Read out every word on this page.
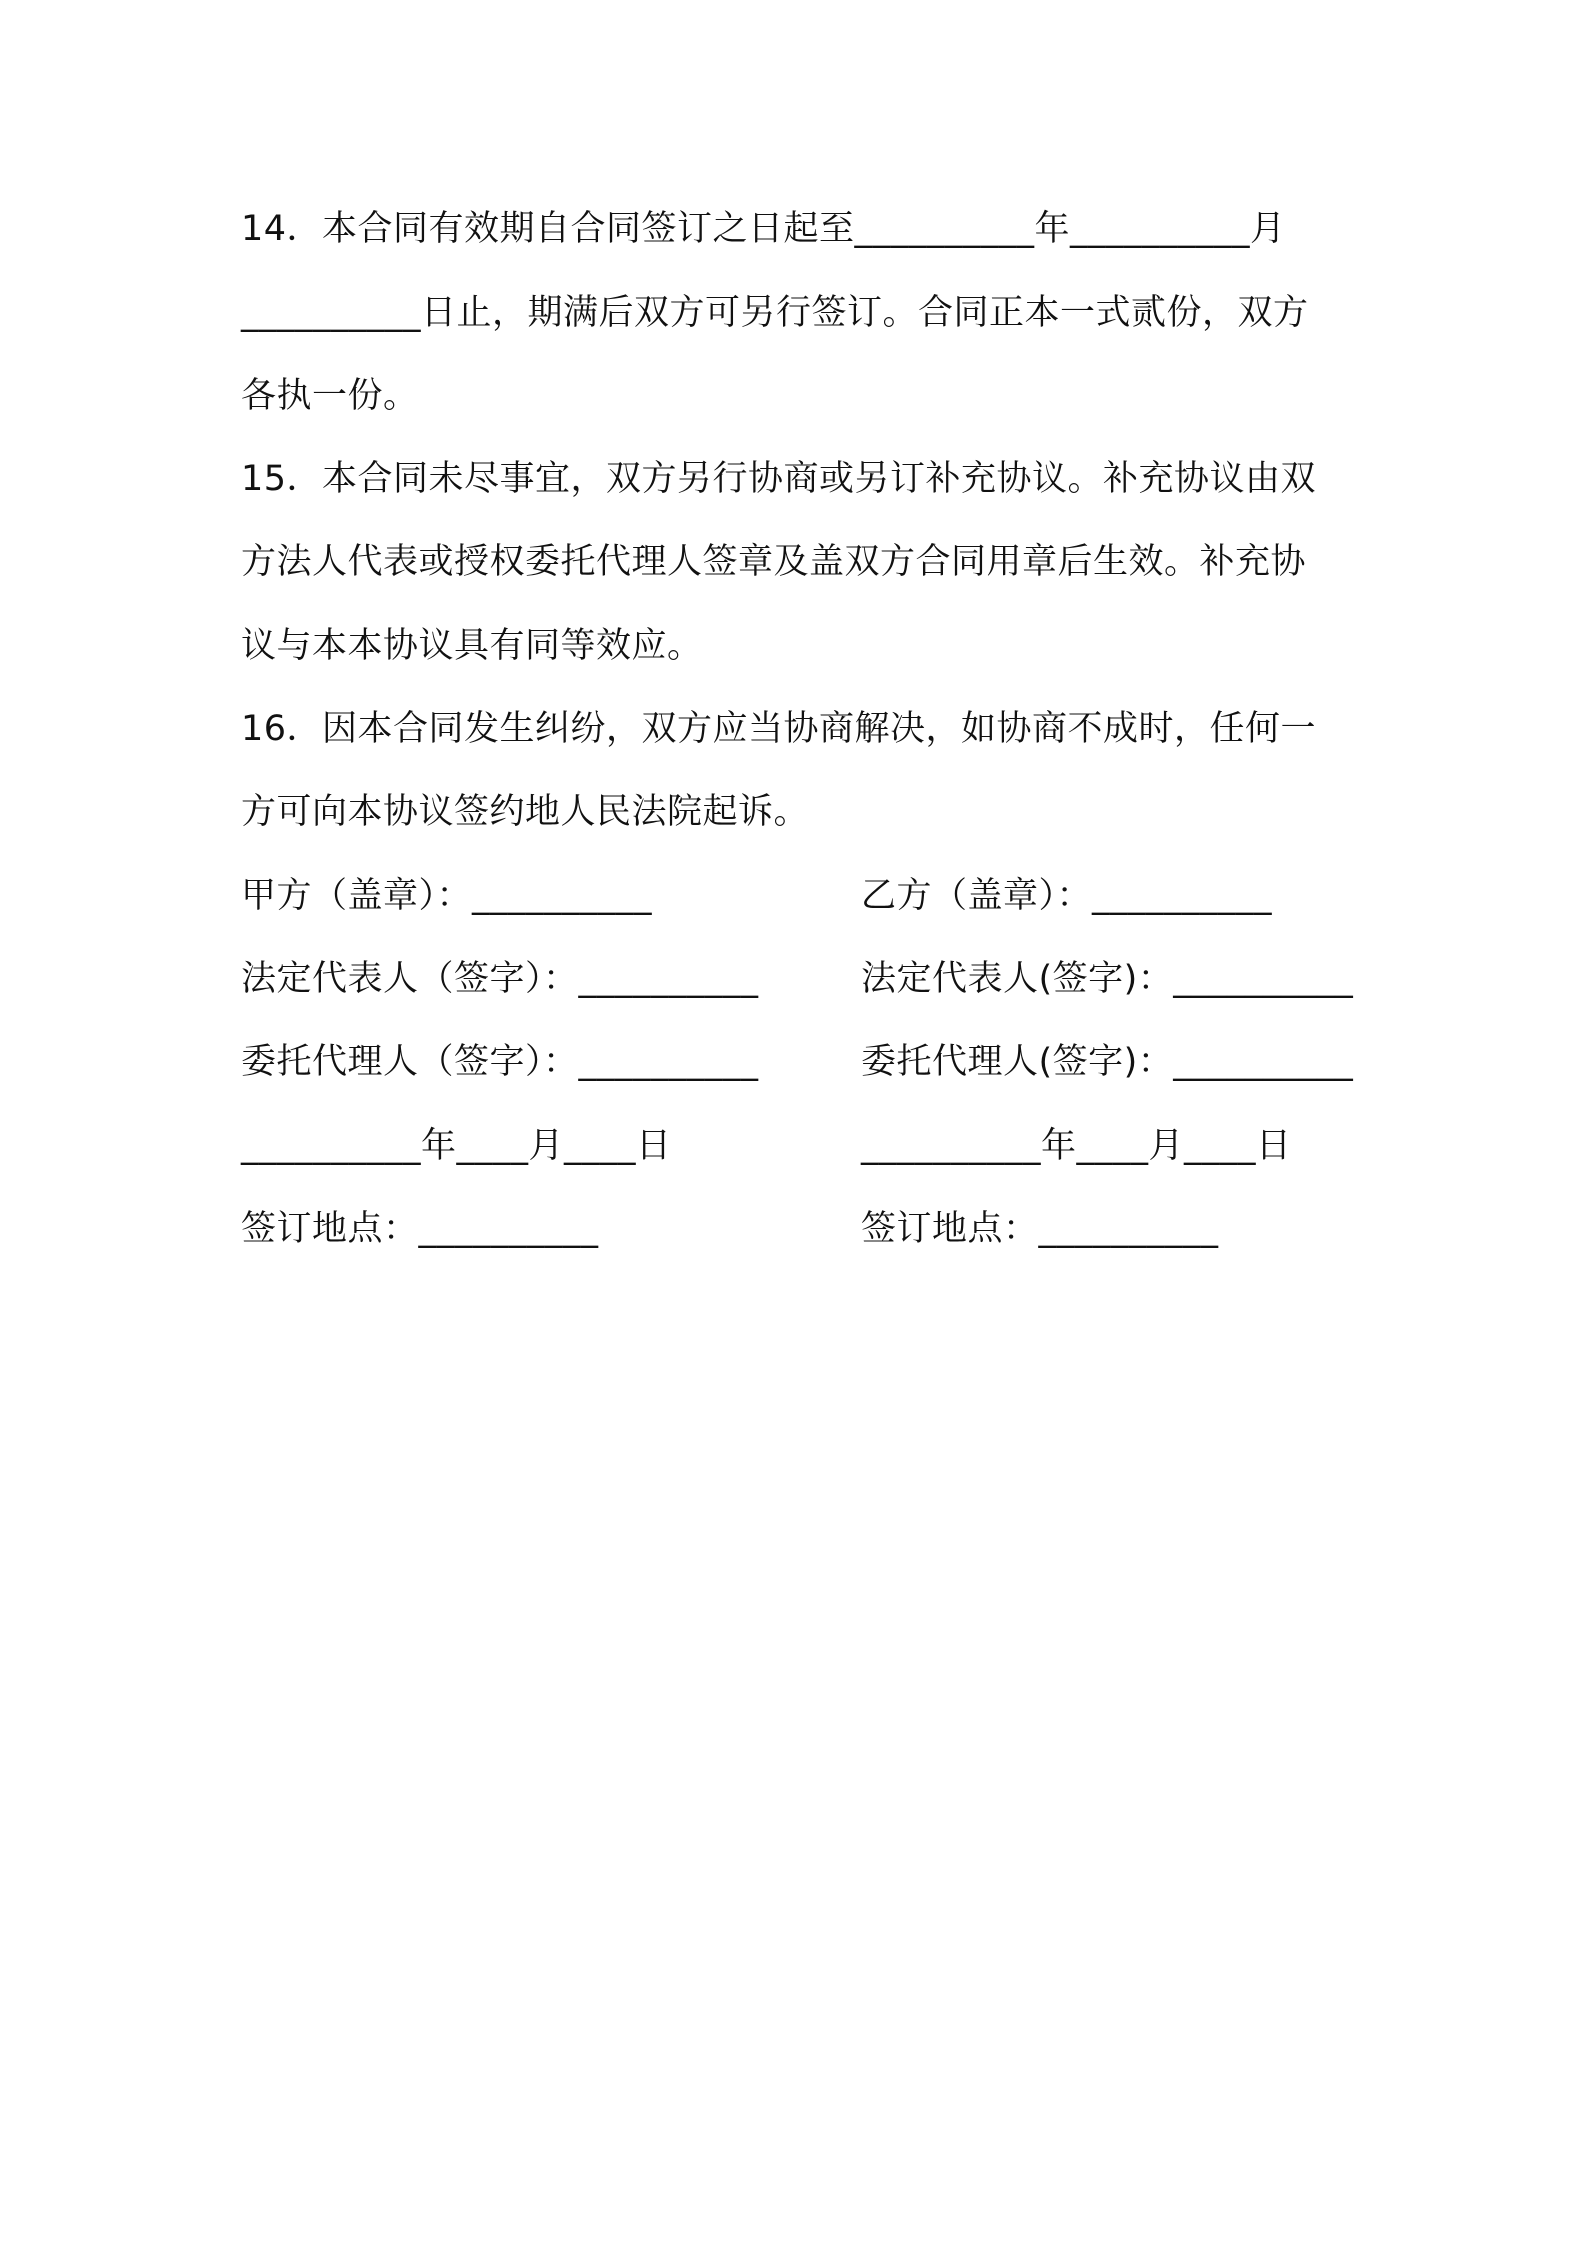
14．本合同有效期自合同签订之日起至__________年__________月
__________日止，期满后双方可另行签订。合同正本一式贰份，双方
各执一份。
15．本合同未尽事宜，双方另行协商或另订补充协议。补充协议由双
方法人代表或授权委托代理人签章及盖双方合同用章后生效。补充协
议与本本协议具有同等效应。
16．因本合同发生纠纷，双方应当协商解决，如协商不成时，任何一
方可向本协议签约地人民法院起诉。
甲方（盖章）：__________
法定代表人（签字）：__________
委托代理人（签字）：__________
__________年____月____日
签订地点：__________
乙方（盖章）：__________
法定代表人(签字)：__________
委托代理人(签字)：__________
__________年____月____日
签订地点：__________
